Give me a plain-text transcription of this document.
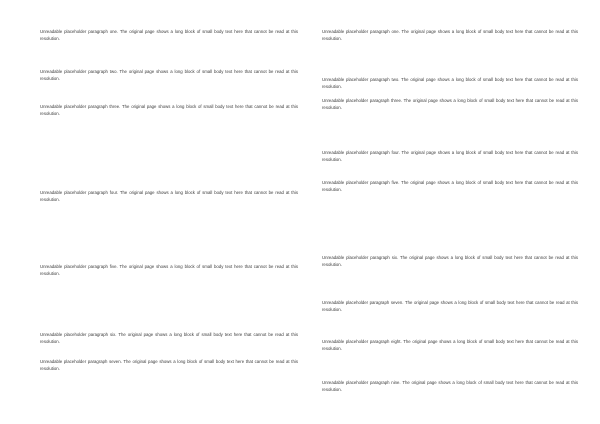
Unreadable placeholder paragraph one. The original page shows a long block of small body text here that cannot be read at this resolution.

Unreadable placeholder paragraph two. The original page shows a long block of small body text here that cannot be read at this resolution.

Unreadable placeholder paragraph three. The original page shows a long block of small body text here that cannot be read at this resolution.

Unreadable placeholder paragraph four. The original page shows a long block of small body text here that cannot be read at this resolution.

Unreadable placeholder paragraph five. The original page shows a long block of small body text here that cannot be read at this resolution.

Unreadable placeholder paragraph six. The original page shows a long block of small body text here that cannot be read at this resolution.

Unreadable placeholder paragraph seven. The original page shows a long block of small body text here that cannot be read at this resolution.

Unreadable placeholder paragraph one. The original page shows a long block of small body text here that cannot be read at this resolution.

Unreadable placeholder paragraph two. The original page shows a long block of small body text here that cannot be read at this resolution.

Unreadable placeholder paragraph three. The original page shows a long block of small body text here that cannot be read at this resolution.

Unreadable placeholder paragraph four. The original page shows a long block of small body text here that cannot be read at this resolution.

Unreadable placeholder paragraph five. The original page shows a long block of small body text here that cannot be read at this resolution.

Unreadable placeholder paragraph six. The original page shows a long block of small body text here that cannot be read at this resolution.

Unreadable placeholder paragraph seven. The original page shows a long block of small body text here that cannot be read at this resolution.

Unreadable placeholder paragraph eight. The original page shows a long block of small body text here that cannot be read at this resolution.

Unreadable placeholder paragraph nine. The original page shows a long block of small body text here that cannot be read at this resolution.
